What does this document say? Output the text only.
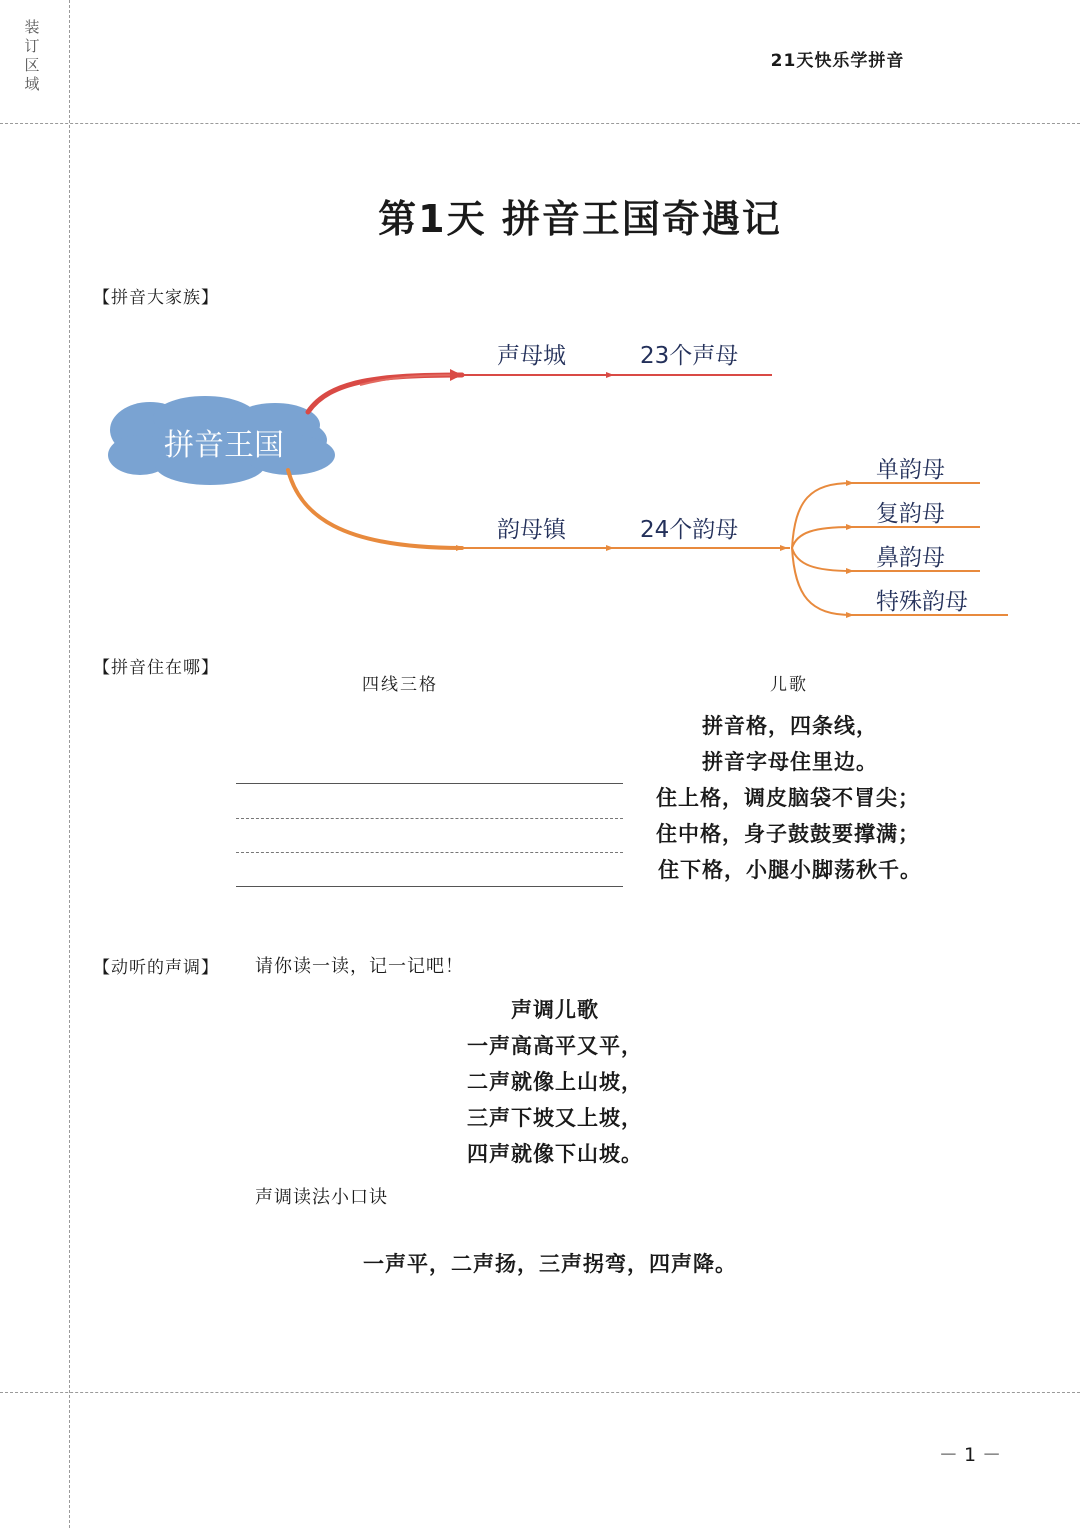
装订区域
21天快乐学拼音
第1天 拼音王国奇遇记
【拼音大家族】
拼音王国
声母城	23个声母
韵母镇	24个韵母
单韵母
复韵母
鼻韵母
特殊韵母
【拼音住在哪】
四线三格	儿歌
拼音格，四条线，
拼音字母住里边。
住上格，调皮脑袋不冒尖；
住中格，身子鼓鼓要撑满；
住下格，小腿小脚荡秋千。
【动听的声调】 请你读一读，记一记吧！
声调儿歌
一声高高平又平，
二声就像上山坡，
三声下坡又上坡，
四声就像下山坡。
声调读法小口诀
一声平，二声扬，三声拐弯，四声降。
－ 1 －
